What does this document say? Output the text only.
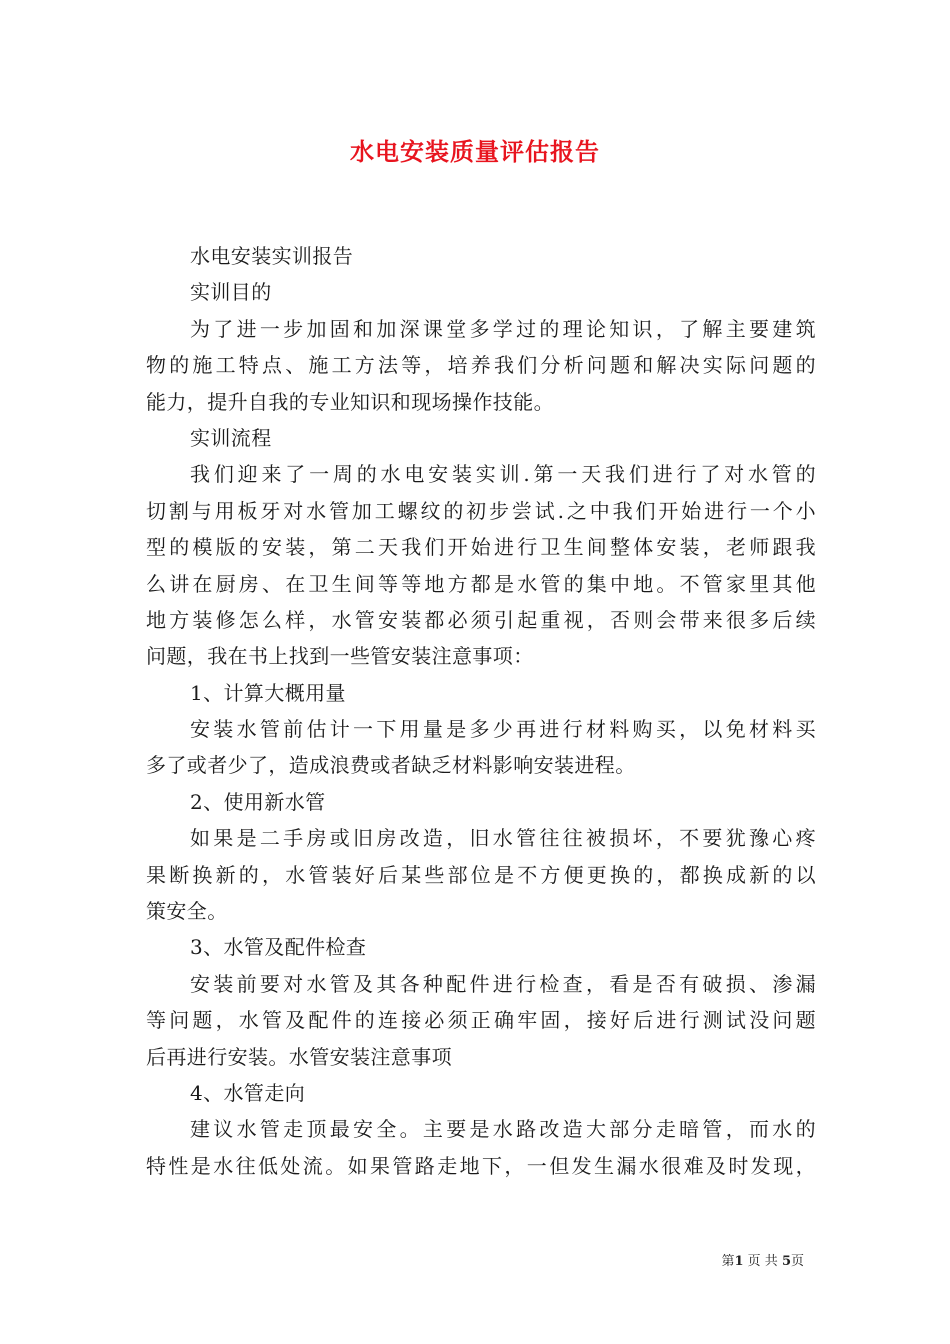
水电安装质量评估报告

水电安装实训报告

实训目的

为了进一步加固和加深课堂多学过的理论知识，了解主要建筑

物的施工特点、施工方法等，培养我们分析问题和解决实际问题的

能力，提升自我的专业知识和现场操作技能。

实训流程

我们迎来了一周的水电安装实训.第一天我们进行了对水管的

切割与用板牙对水管加工螺纹的初步尝试.之中我们开始进行一个小

型的模版的安装，第二天我们开始进行卫生间整体安装，老师跟我

么讲在厨房、在卫生间等等地方都是水管的集中地。不管家里其他

地方装修怎么样，水管安装都必须引起重视，否则会带来很多后续

问题，我在书上找到一些管安装注意事项：

1、计算大概用量

安装水管前估计一下用量是多少再进行材料购买，以免材料买

多了或者少了，造成浪费或者缺乏材料影响安装进程。

2、使用新水管

如果是二手房或旧房改造，旧水管往往被损坏，不要犹豫心疼

果断换新的，水管装好后某些部位是不方便更换的，都换成新的以

策安全。

3、水管及配件检查

安装前要对水管及其各种配件进行检查，看是否有破损、渗漏

等问题，水管及配件的连接必须正确牢固，接好后进行测试没问题

后再进行安装。水管安装注意事项

4、水管走向

建议水管走顶最安全。主要是水路改造大部分走暗管，而水的

特性是水往低处流。如果管路走地下，一但发生漏水很难及时发现，

第1 页 共 5页
